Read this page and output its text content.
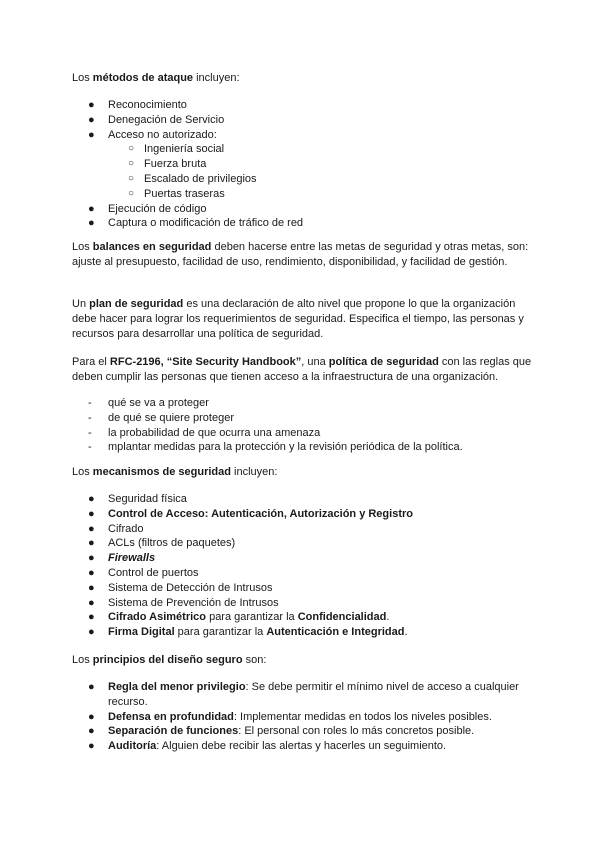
Los métodos de ataque incluyen:

● Reconocimiento
● Denegación de Servicio
● Acceso no autorizado:
○ Ingeniería social
○ Fuerza bruta
○ Escalado de privilegios
○ Puertas traseras
● Ejecución de código
● Captura o modificación de tráfico de red

Los balances en seguridad deben hacerse entre las metas de seguridad y otras metas, son: ajuste al presupuesto, facilidad de uso, rendimiento, disponibilidad, y facilidad de gestión.

Un plan de seguridad es una declaración de alto nivel que propone lo que la organización debe hacer para lograr los requerimientos de seguridad. Especifica el tiempo, las personas y recursos para desarrollar una política de seguridad.

Para el RFC-2196, “Site Security Handbook”, una política de seguridad con las reglas que deben cumplir las personas que tienen acceso a la infraestructura de una organización.

- qué se va a proteger
- de qué se quiere proteger
- la probabilidad de que ocurra una amenaza
- mplantar medidas para la protección y la revisión periódica de la política.

Los mecanismos de seguridad incluyen:

● Seguridad física
● Control de Acceso: Autenticación, Autorización y Registro
● Cifrado
● ACLs (filtros de paquetes)
● Firewalls
● Control de puertos
● Sistema de Detección de Intrusos
● Sistema de Prevención de Intrusos
● Cifrado Asimétrico para garantizar la Confidencialidad.
● Firma Digital para garantizar la Autenticación e Integridad.

Los principios del diseño seguro son:

● Regla del menor privilegio: Se debe permitir el mínimo nivel de acceso a cualquier recurso.
● Defensa en profundidad: Implementar medidas en todos los niveles posibles.
● Separación de funciones: El personal con roles lo más concretos posible.
● Auditoría: Alguien debe recibir las alertas y hacerles un seguimiento.
